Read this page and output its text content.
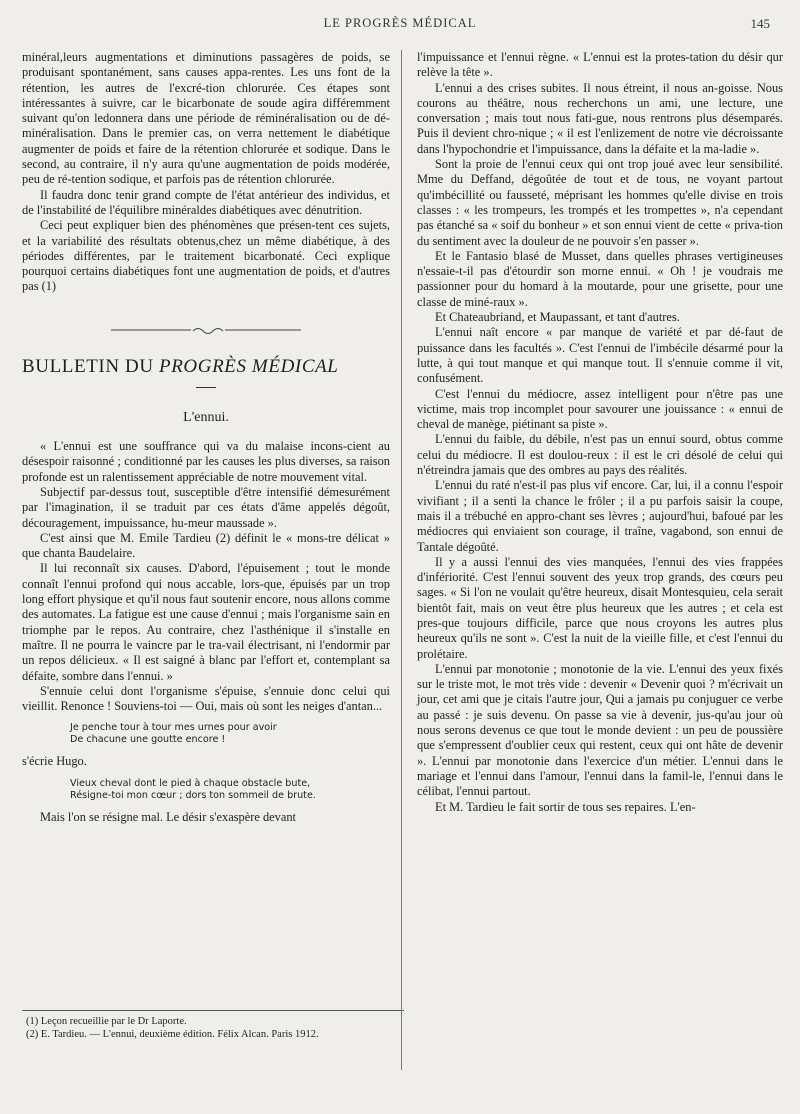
LE PROGRÈS MÉDICAL	145

minéral,leurs augmentations et diminutions passagères de poids, se produisant spontanément, sans causes appa-rentes. Les uns font de la rétention, les autres de l'excré-tion chlorurée. Ces étapes sont intéressantes à suivre, car le bicarbonate de soude agira différemment suivant qu'on ledonnera dans une période de réminéralisation ou de dé-minéralisation. Dans le premier cas, on verra nettement le diabétique augmenter de poids et faire de la rétention chlorurée et sodique. Dans le second, au contraire, il n'y aura qu'une augmentation de poids modérée, peu de ré-tention sodique, et parfois pas de rétention chlorurée.

Il faudra donc tenir grand compte de l'état antérieur des individus, et de l'instabilité de l'équilibre minéraldes diabétiques avec dénutrition.

Ceci peut expliquer bien des phénomènes que présen-tent ces sujets, et la variabilité des résultats obtenus,chez un même diabétique, à des périodes différentes, par le traitement bicarbonaté. Ceci explique pourquoi certains diabétiques font une augmentation de poids, et d'autres pas (1)

BULLETIN DU PROGRÈS MÉDICAL
L'ennui.

« L'ennui est une souffrance qui va du malaise incons-cient au désespoir raisonné ; conditionné par les causes les plus diverses, sa raison profonde est un ralentissement appréciable de notre mouvement vital.

Subjectif par-dessus tout, susceptible d'être intensifié démesurément par l'imagination, il se traduit par ces états d'âme appelés dégoût, découragement, impuissance, hu-meur maussade ».

C'est ainsi que M. Emile Tardieu (2) définit le « mons-tre délicat » que chanta Baudelaire.

Il lui reconnaît six causes. D'abord, l'épuisement ; tout le monde connaît l'ennui profond qui nous accable, lors-que, épuisés par un trop long effort physique et qu'il nous faut soutenir encore, nous allons comme des automates. La fatigue est une cause d'ennui ; mais l'organisme sain en triomphe par le repos. Au contraire, chez l'asthénique il s'installe en maître. Il ne pourra le vaincre par le tra-vail électrisant, ni l'endormir par un repos délicieux. « Il est saigné à blanc par l'effort et, contemplant sa défaite, sombre dans l'ennui. »

S'ennuie celui dont l'organisme s'épuise, s'ennuie donc celui qui vieillit. Renonce ! Souviens-toi — Oui, mais où sont les neiges d'antan...

Je penche tour à tour mes urnes pour avoir
De chacune une goutte encore !

s'écrie Hugo.

Vieux cheval dont le pied à chaque obstacle bute,
Résigne-toi mon cœur ; dors ton sommeil de brute.

Mais l'on se résigne mal. Le désir s'exaspère devant

(1) Leçon recueillie par le Dr Laporte.
(2) E. Tardieu. — L'ennui, deuxième édition. Félix Alcan. Paris 1912.

l'impuissance et l'ennui règne. « L'ennui est la protes-tation du désir qur relève la tête ».

L'ennui a des crises subites. Il nous étreint, il nous an-goisse. Nous courons au théâtre, nous recherchons un ami, une lecture, une conversation ; mais tout nous fati-gue, nous rentrons plus désemparés. Puis il devient chro-nique ; « il est l'enlizement de notre vie décroissante dans l'hypochondrie et l'impuissance, dans la défaite et la ma-ladie ».

Sont la proie de l'ennui ceux qui ont trop joué avec leur sensibilité. Mme du Deffand, dégoûtée de tout et de tous, ne voyant partout qu'imbécillité ou fausseté, méprisant les hommes qu'elle divise en trois classes : « les trompeurs, les trompés et les trompettes », n'a cependant pas étanché sa « soif du bonheur » et son ennui vient de cette « priva-tion du sentiment avec la douleur de ne pouvoir s'en passer ».

Et le Fantasio blasé de Musset, dans quelles phrases vertigineuses n'essaie-t-il pas d'étourdir son morne ennui. « Oh ! je voudrais me passionner pour du homard à la moutarde, pour une grisette, pour une classe de miné-raux ».

Et Chateaubriand, et Maupassant, et tant d'autres.

L'ennui naît encore « par manque de variété et par dé-faut de puissance dans les facultés ». C'est l'ennui de l'imbécile désarmé pour la lutte, à qui tout manque et qui manque tout. Il s'ennuie comme il vit, confusément.

C'est l'ennui du médiocre, assez intelligent pour n'être pas une victime, mais trop incomplet pour savourer une jouissance : « ennui de cheval de manège, piétinant sa piste ».

L'ennui du faible, du débile, n'est pas un ennui sourd, obtus comme celui du médiocre. Il est doulou-reux : il est le cri désolé de celui qui n'étreindra jamais que des ombres au pays des réalités.

L'ennui du raté n'est-il pas plus vif encore. Car, lui, il a connu l'espoir vivifiant ; il a senti la chance le frôler ; il a pu parfois saisir la coupe, mais il a trébuché en appro-chant ses lèvres ; aujourd'hui, bafoué par les médiocres qui enviaient son courage, il traîne, vagabond, son ennui de Tantale dégoûté.

Il y a aussi l'ennui des vies manquées, l'ennui des vies frappées d'infériorité. C'est l'ennui souvent des yeux trop grands, des cœurs peu sages. « Si l'on ne voulait qu'être heureux, disait Montesquieu, cela serait bientôt fait, mais on veut être plus heureux que les autres ; et cela est pres-que toujours difficile, parce que nous croyons les autres plus heureux qu'ils ne sont ». C'est la nuit de la vieille fille, et c'est l'ennui du prolétaire.

L'ennui par monotonie ; monotonie de la vie. L'ennui des yeux fixés sur le triste mot, le mot très vide : devenir « Devenir quoi ? m'écrivait un jour, cet ami que je citais l'autre jour, Qui a jamais pu conjuguer ce verbe au passé : je suis devenu. On passe sa vie à devenir, jus-qu'au jour où nous serons devenus ce que tout le monde devient : un peu de poussière que s'empressent d'oublier ceux qui restent, ceux qui ont hâte de devenir ». L'ennui par monotonie dans l'exercice d'un métier. L'ennui dans le mariage et l'ennui dans l'amour, l'ennui dans la famil-le, l'ennui dans le célibat, l'ennui partout.

Et M. Tardieu le fait sortir de tous ses repaires. L'en-
